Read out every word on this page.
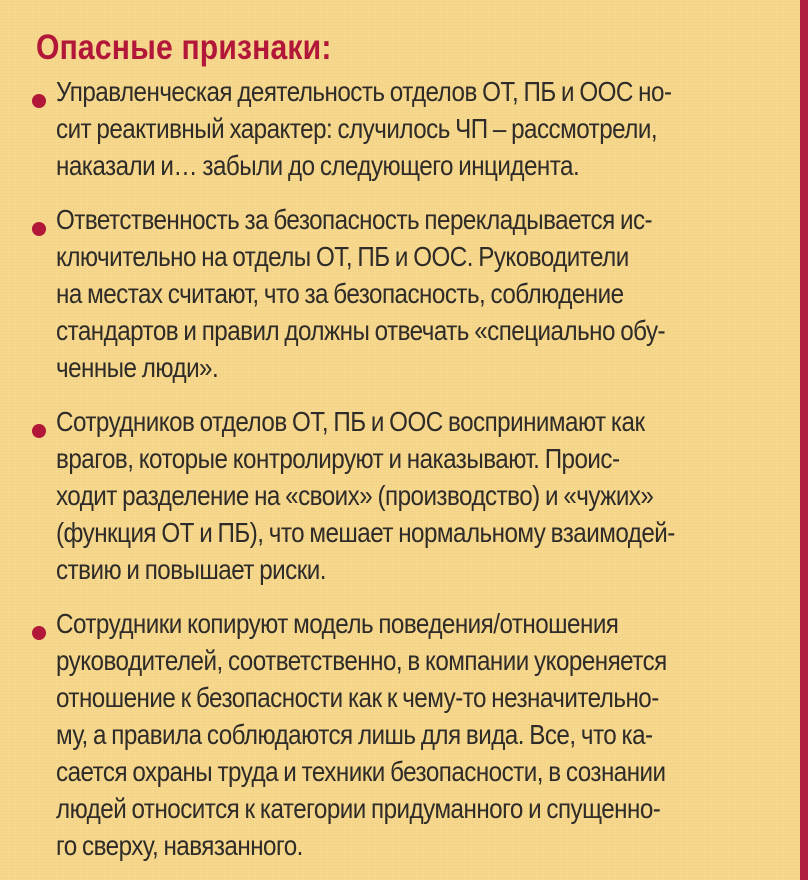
Опасные признаки:

Управленческая деятельность отделов ОТ, ПБ и ООС но-
сит реактивный характер: случилось ЧП – рассмотрели,
наказали и… забыли до следующего инцидента.

Ответственность за безопасность перекладывается ис-
ключительно на отделы ОТ, ПБ и ООС. Руководители
на местах считают, что за безопасность, соблюдение
стандартов и правил должны отвечать «специально обу-
ченные люди».

Сотрудников отделов ОТ, ПБ и ООС воспринимают как
врагов, которые контролируют и наказывают. Проис-
ходит разделение на «своих» (производство) и «чужих»
(функция ОТ и ПБ), что мешает нормальному взаимодей-
ствию и повышает риски.

Сотрудники копируют модель поведения/отношения
руководителей, соответственно, в компании укореняется
отношение к безопасности как к чему-то незначительно-
му, а правила соблюдаются лишь для вида. Все, что ка-
сается охраны труда и техники безопасности, в сознании
людей относится к категории придуманного и спущенно-
го сверху, навязанного.
